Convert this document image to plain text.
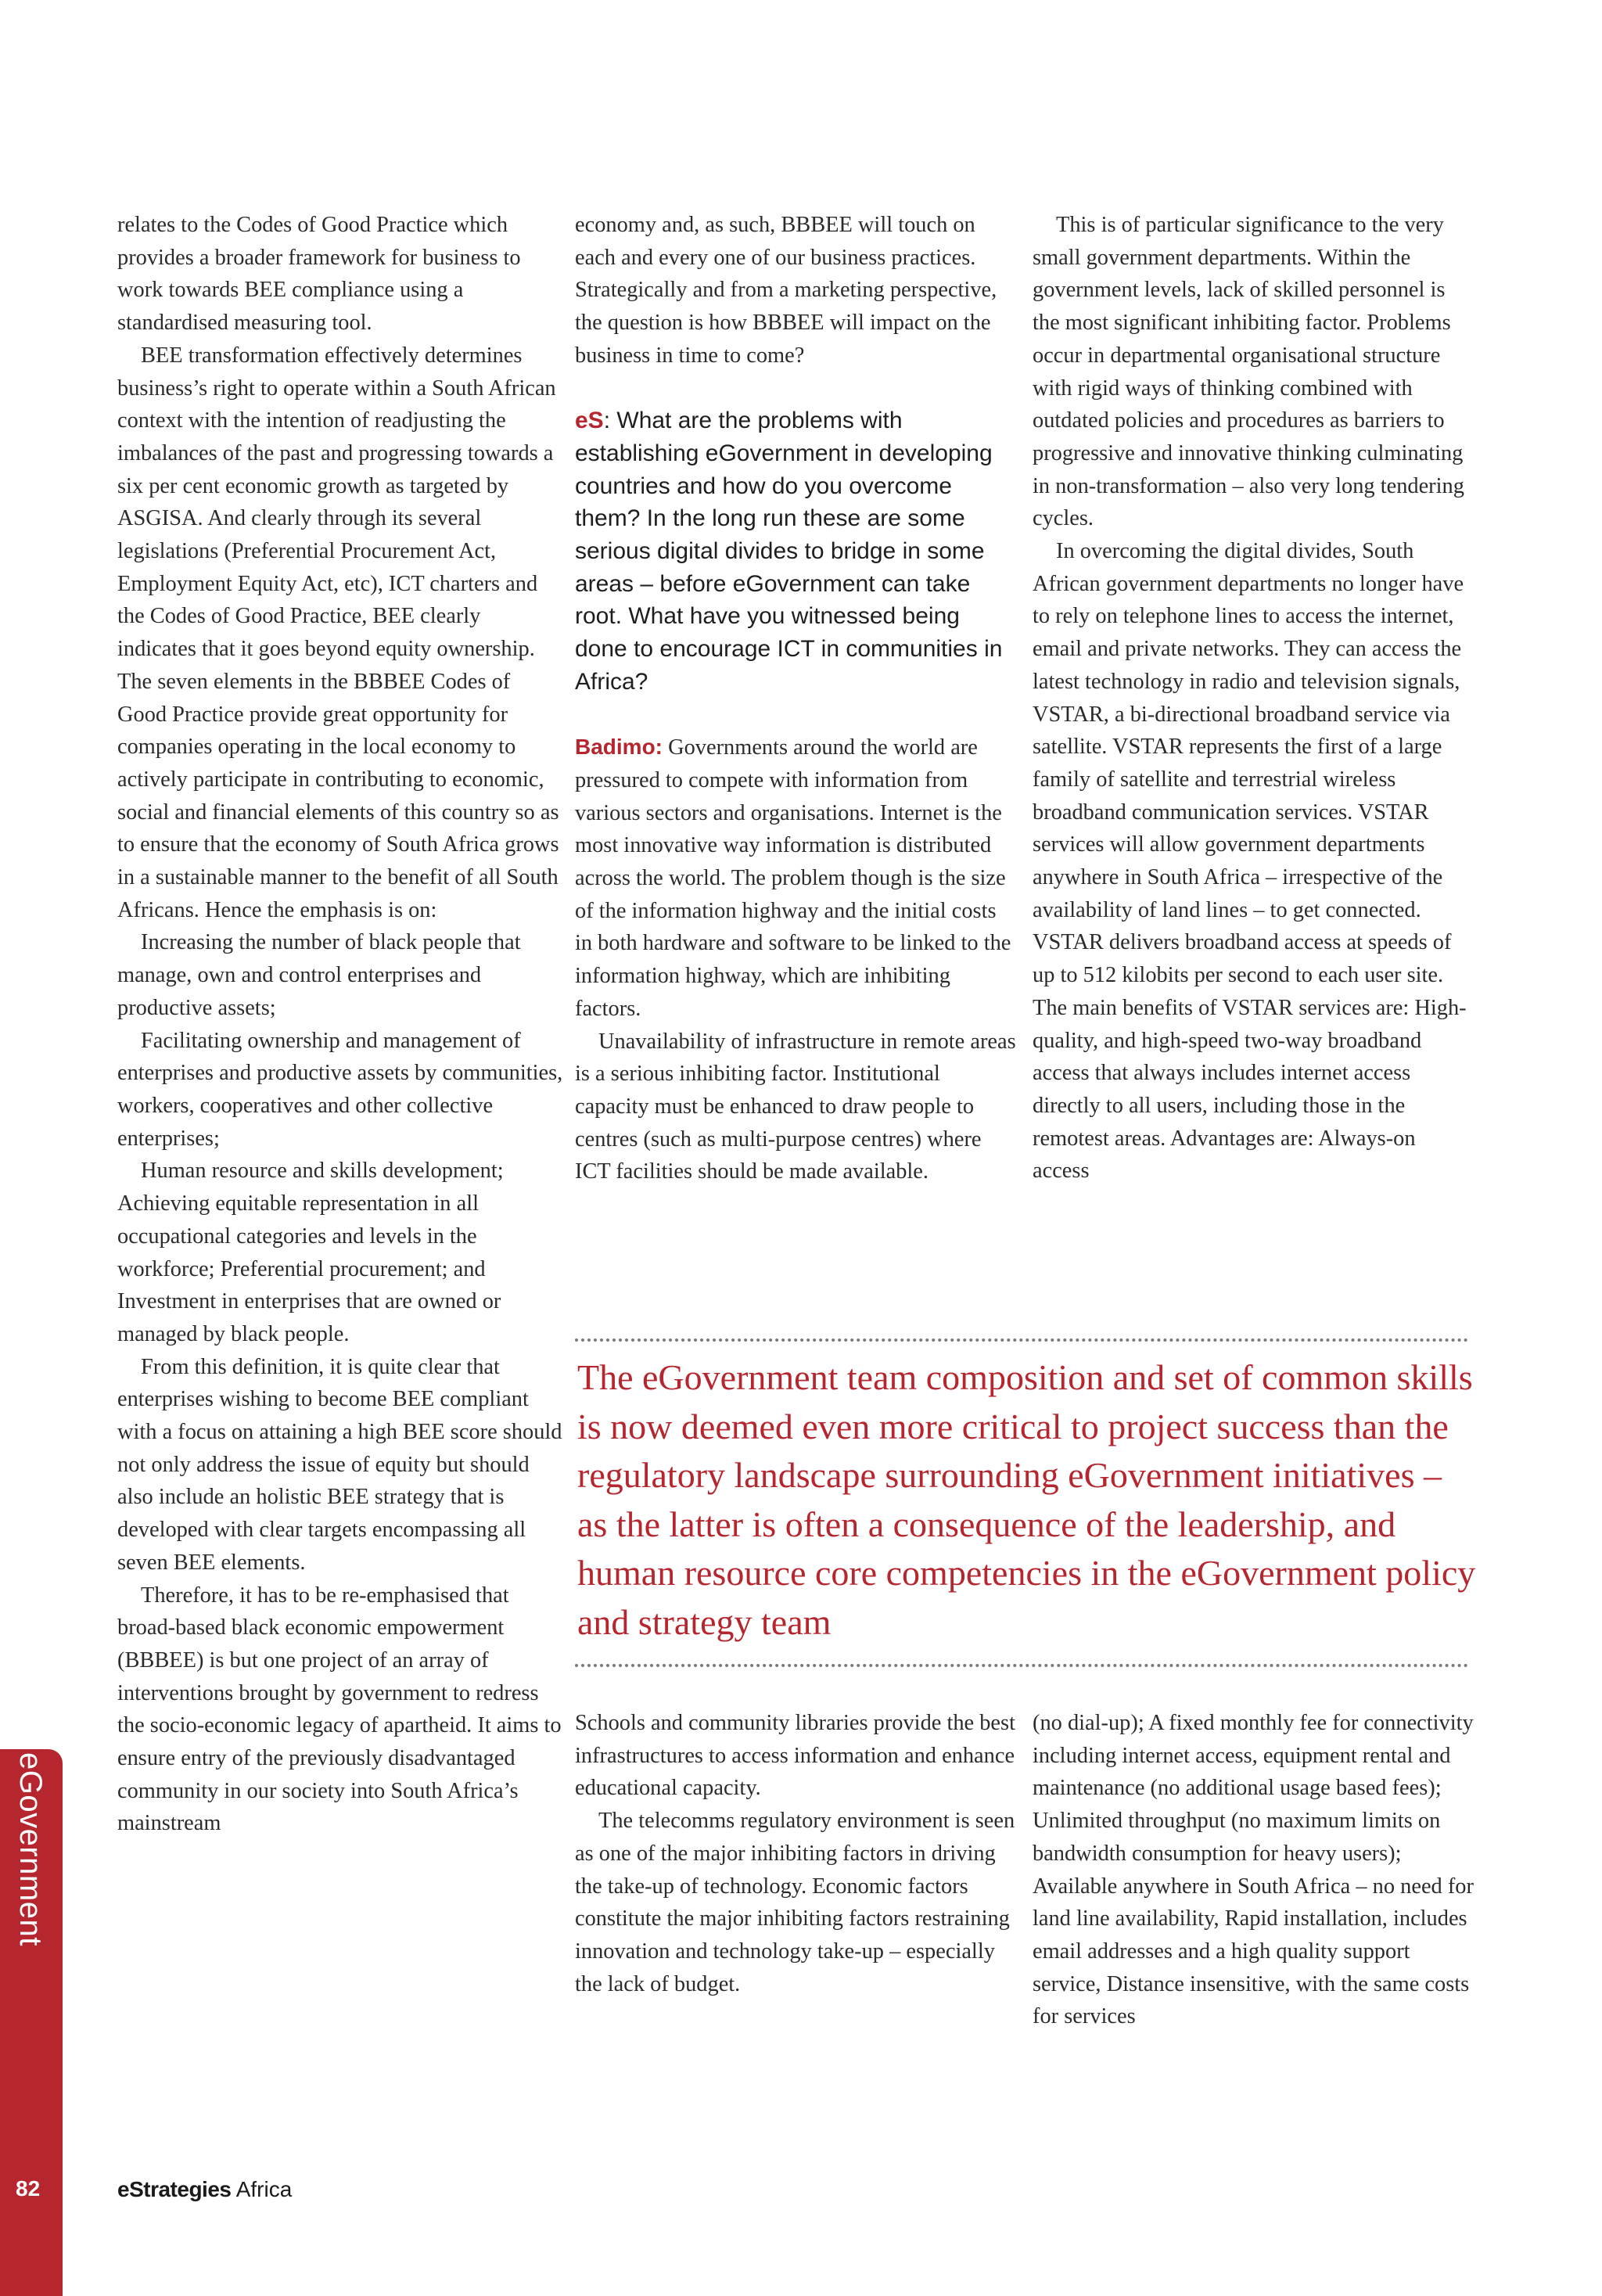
relates to the Codes of Good Practice which provides a broader framework for business to work towards BEE compliance using a standardised measuring tool.

BEE transformation effectively determines business’s right to operate within a South African context with the intention of readjusting the imbalances of the past and progressing towards a six per cent economic growth as targeted by ASGISA. And clearly through its several legislations (Preferential Procurement Act, Employment Equity Act, etc), ICT charters and the Codes of Good Practice, BEE clearly indicates that it goes beyond equity ownership. The seven elements in the BBBEE Codes of Good Practice provide great opportunity for companies operating in the local economy to actively participate in contributing to economic, social and financial elements of this country so as to ensure that the economy of South Africa grows in a sustainable manner to the benefit of all South Africans. Hence the emphasis is on:

Increasing the number of black people that manage, own and control enterprises and productive assets;

Facilitating ownership and management of enterprises and productive assets by communities, workers, cooperatives and other collective enterprises;

Human resource and skills development; Achieving equitable representation in all occupational categories and levels in the workforce; Preferential procurement; and Investment in enterprises that are owned or managed by black people.

From this definition, it is quite clear that enterprises wishing to become BEE compliant with a focus on attaining a high BEE score should not only address the issue of equity but should also include an holistic BEE strategy that is developed with clear targets encompassing all seven BEE elements.

Therefore, it has to be re-emphasised that broad-based black economic empowerment (BBBEE) is but one project of an array of interventions brought by government to redress the socio-economic legacy of apartheid. It aims to ensure entry of the previously disadvantaged community in our society into South Africa’s mainstream

economy and, as such, BBBEE will touch on each and every one of our business practices. Strategically and from a marketing perspective, the question is how BBBEE will impact on the business in time to come?

eS: What are the problems with establishing eGovernment in developing countries and how do you overcome them? In the long run these are some serious digital divides to bridge in some areas – before eGovernment can take root. What have you witnessed being done to encourage ICT in communities in Africa?

Badimo: Governments around the world are pressured to compete with information from various sectors and organisations. Internet is the most innovative way information is distributed across the world. The problem though is the size of the information highway and the initial costs in both hardware and software to be linked to the information highway, which are inhibiting factors.

Unavailability of infrastructure in remote areas is a serious inhibiting factor. Institutional capacity must be enhanced to draw people to centres (such as multi-purpose centres) where ICT facilities should be made available.

This is of particular significance to the very small government departments. Within the government levels, lack of skilled personnel is the most significant inhibiting factor. Problems occur in departmental organisational structure with rigid ways of thinking combined with outdated policies and procedures as barriers to progressive and innovative thinking culminating in non-transformation – also very long tendering cycles.

In overcoming the digital divides, South African government departments no longer have to rely on telephone lines to access the internet, email and private networks. They can access the latest technology in radio and television signals, VSTAR, a bi-directional broadband service via satellite. VSTAR represents the first of a large family of satellite and terrestrial wireless broadband communication services. VSTAR services will allow government departments anywhere in South Africa – irrespective of the availability of land lines – to get connected. VSTAR delivers broadband access at speeds of up to 512 kilobits per second to each user site. The main benefits of VSTAR services are: High-quality, and high-speed two-way broadband access that always includes internet access directly to all users, including those in the remotest areas. Advantages are: Always-on access

The eGovernment team composition and set of common skills is now deemed even more critical to project success than the regulatory landscape surrounding eGovernment initiatives – as the latter is often a consequence of the leadership, and human resource core competencies in the eGovernment policy and strategy team

Schools and community libraries provide the best infrastructures to access information and enhance educational capacity.

The telecomms regulatory environment is seen as one of the major inhibiting factors in driving the take-up of technology. Economic factors constitute the major inhibiting factors restraining innovation and technology take-up – especially the lack of budget.

(no dial-up); A fixed monthly fee for connectivity including internet access, equipment rental and maintenance (no additional usage based fees); Unlimited throughput (no maximum limits on bandwidth consumption for heavy users); Available anywhere in South Africa – no need for land line availability, Rapid installation, includes email addresses and a high quality support service, Distance insensitive, with the same costs for services

eGovernment
82	eStrategies Africa
